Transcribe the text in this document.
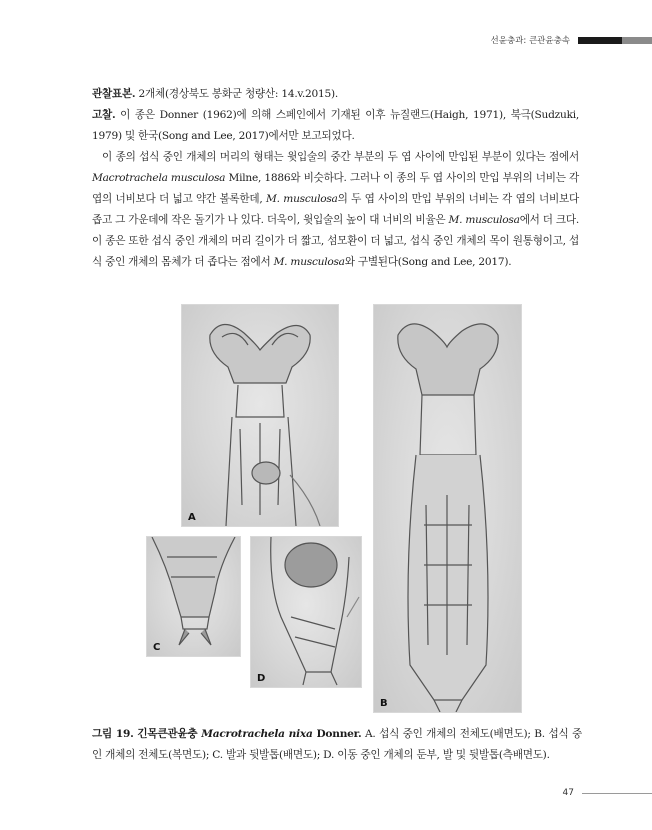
선윤충과: 큰관윤충속

관찰표본. 2개체(경상북도 봉화군 청량산: 14.v.2015).

고찰. 이 종은 Donner (1962)에 의해 스페인에서 기재된 이후 뉴질랜드(Haigh, 1971), 북극(Sudzuki, 1979) 및 한국(Song and Lee, 2017)에서만 보고되었다.

이 종의 섭식 중인 개체의 머리의 형태는 윗입술의 중간 부분의 두 엽 사이에 만입된 부분이 있다는 점에서 Macrotrachela musculosa Milne, 1886와 비슷하다. 그러나 이 종의 두 엽 사이의 만입 부위의 너비는 각 엽의 너비보다 더 넓고 약간 볼록한데, M. musculosa의 두 엽 사이의 만입 부위의 너비는 각 엽의 너비보다 좁고 그 가운데에 작은 돌기가 나 있다. 더욱이, 윗입술의 높이 대 너비의 비율은 M. musculosa에서 더 크다. 이 종은 또한 섭식 중인 개체의 머리 길이가 더 짧고, 섬모환이 더 넓고, 섭식 중인 개체의 목이 원통형이고, 섭식 중인 개체의 몸체가 더 좁다는 점에서 M. musculosa와 구별된다(Song and Lee, 2017).

A
B
C
D
그림 19. 긴목큰관윤충 Macrotrachela nixa Donner. A. 섭식 중인 개체의 전체도(배면도); B. 섭식 중인 개체의 전체도(복면도); C. 발과 뒷발톱(배면도); D. 이동 중인 개체의 둔부, 발 및 뒷발톱(측배면도).
47
